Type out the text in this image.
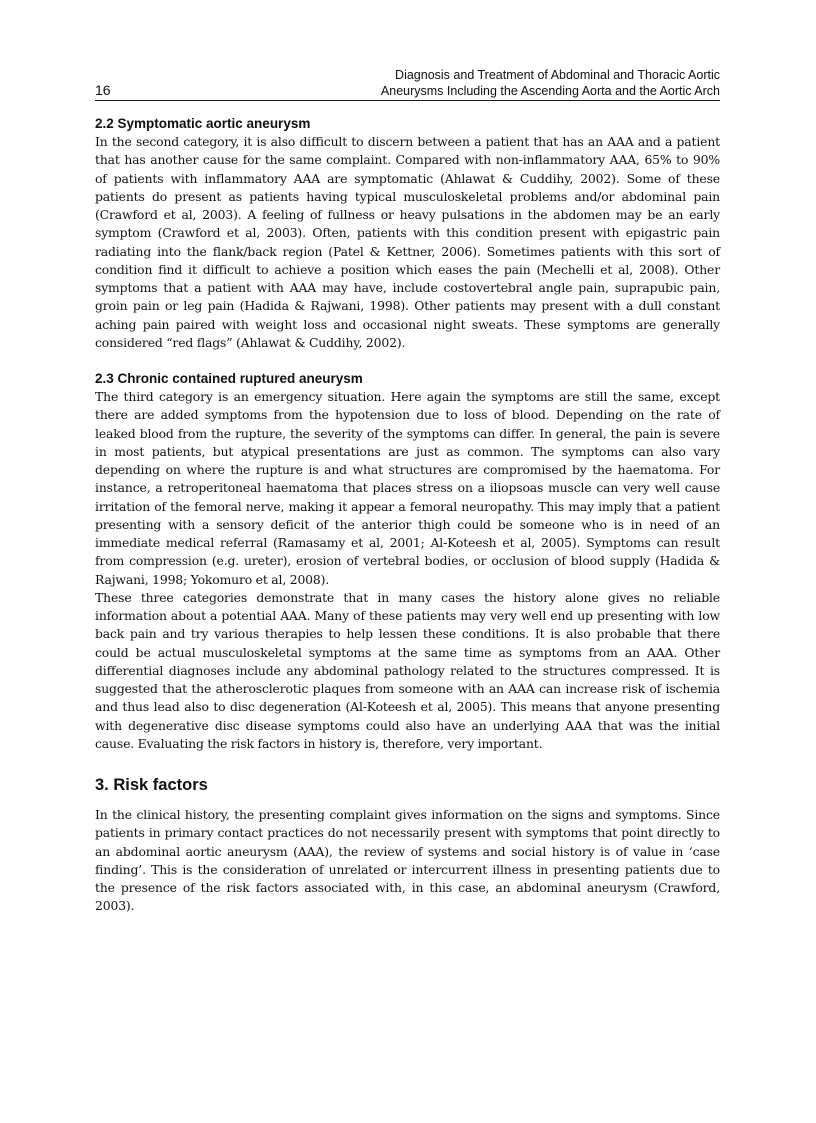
16
Diagnosis and Treatment of Abdominal and Thoracic Aortic
Aneurysms Including the Ascending Aorta and the Aortic Arch
2.2 Symptomatic aortic aneurysm

In the second category, it is also difficult to discern between a patient that has an AAA and a patient that has another cause for the same complaint. Compared with non-inflammatory AAA, 65% to 90% of patients with inflammatory AAA are symptomatic (Ahlawat & Cuddihy, 2002). Some of these patients do present as patients having typical musculoskeletal problems and/or abdominal pain (Crawford et al, 2003). A feeling of fullness or heavy pulsations in the abdomen may be an early symptom (Crawford et al, 2003). Often, patients with this condition present with epigastric pain radiating into the flank/back region (Patel & Kettner, 2006). Sometimes patients with this sort of condition find it difficult to achieve a position which eases the pain (Mechelli et al, 2008). Other symptoms that a patient with AAA may have, include costovertebral angle pain, suprapubic pain, groin pain or leg pain (Hadida & Rajwani, 1998). Other patients may present with a dull constant aching pain paired with weight loss and occasional night sweats. These symptoms are generally considered “red flags” (Ahlawat & Cuddihy, 2002).

2.3 Chronic contained ruptured aneurysm

The third category is an emergency situation. Here again the symptoms are still the same, except there are added symptoms from the hypotension due to loss of blood. Depending on the rate of leaked blood from the rupture, the severity of the symptoms can differ. In general, the pain is severe in most patients, but atypical presentations are just as common. The symptoms can also vary depending on where the rupture is and what structures are compromised by the haematoma. For instance, a retroperitoneal haematoma that places stress on a iliopsoas muscle can very well cause irritation of the femoral nerve, making it appear a femoral neuropathy. This may imply that a patient presenting with a sensory deficit of the anterior thigh could be someone who is in need of an immediate medical referral (Ramasamy et al, 2001; Al-Koteesh et al, 2005). Symptoms can result from compression (e.g. ureter), erosion of vertebral bodies, or occlusion of blood supply (Hadida & Rajwani, 1998; Yokomuro et al, 2008).

These three categories demonstrate that in many cases the history alone gives no reliable information about a potential AAA. Many of these patients may very well end up presenting with low back pain and try various therapies to help lessen these conditions. It is also probable that there could be actual musculoskeletal symptoms at the same time as symptoms from an AAA. Other differential diagnoses include any abdominal pathology related to the structures compressed. It is suggested that the atherosclerotic plaques from someone with an AAA can increase risk of ischemia and thus lead also to disc degeneration (Al-Koteesh et al, 2005). This means that anyone presenting with degenerative disc disease symptoms could also have an underlying AAA that was the initial cause. Evaluating the risk factors in history is, therefore, very important.

3. Risk factors

In the clinical history, the presenting complaint gives information on the signs and symptoms. Since patients in primary contact practices do not necessarily present with symptoms that point directly to an abdominal aortic aneurysm (AAA), the review of systems and social history is of value in ‘case finding’. This is the consideration of unrelated or intercurrent illness in presenting patients due to the presence of the risk factors associated with, in this case, an abdominal aneurysm (Crawford, 2003).
